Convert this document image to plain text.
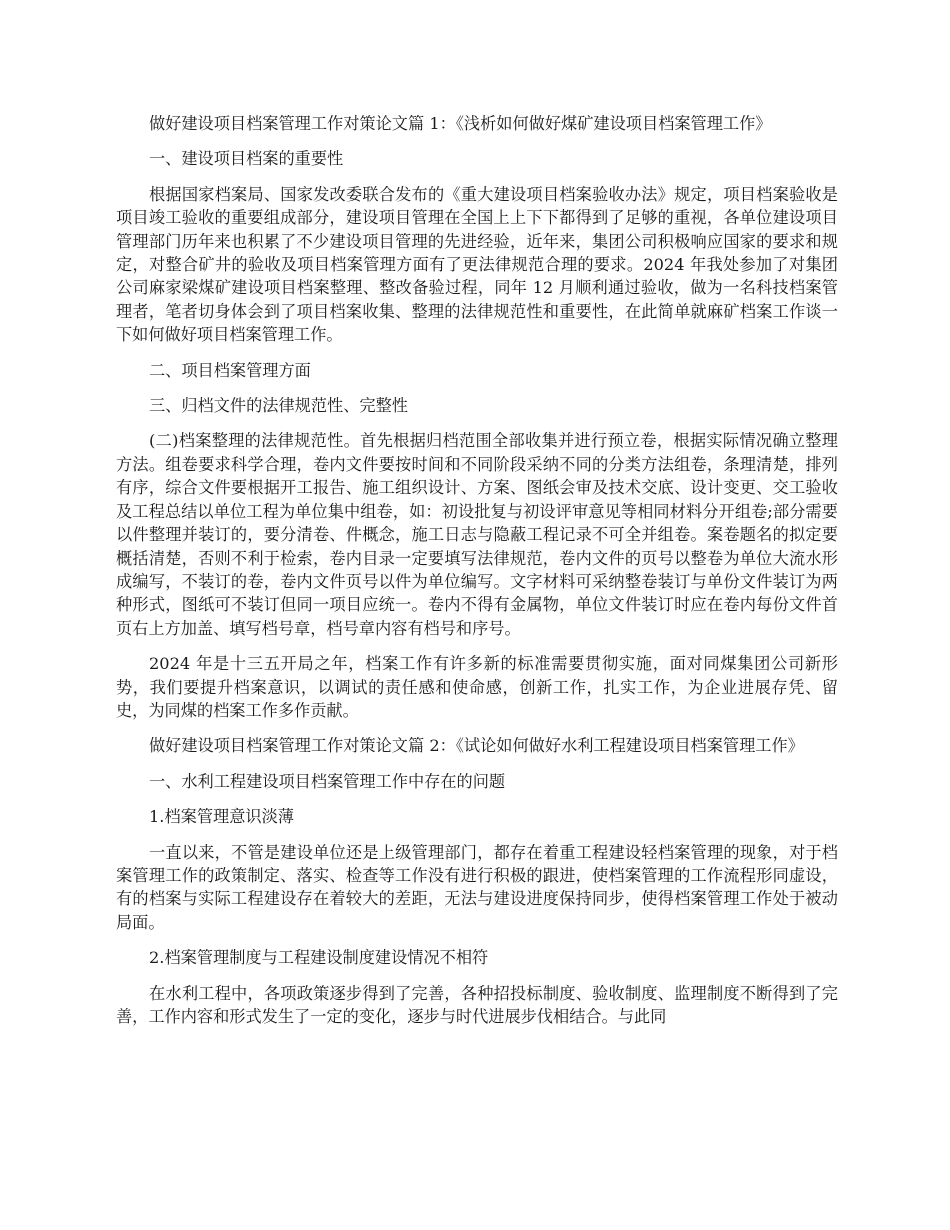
做好建设项目档案管理工作对策论文篇 1：《浅析如何做好煤矿建设项目档案管理工作》

一、建设项目档案的重要性

根据国家档案局、国家发改委联合发布的《重大建设项目档案验收办法》规定，项目档案验收是项目竣工验收的重要组成部分，建设项目管理在全国上上下下都得到了足够的重视，各单位建设项目管理部门历年来也积累了不少建设项目管理的先进经验，近年来，集团公司积极响应国家的要求和规定，对整合矿井的验收及项目档案管理方面有了更法律规范合理的要求。2024 年我处参加了对集团公司麻家梁煤矿建设项目档案整理、整改备验过程，同年 12 月顺利通过验收，做为一名科技档案管理者，笔者切身体会到了项目档案收集、整理的法律规范性和重要性，在此简单就麻矿档案工作谈一下如何做好项目档案管理工作。

二、项目档案管理方面

三、归档文件的法律规范性、完整性

(二)档案整理的法律规范性。首先根据归档范围全部收集并进行预立卷，根据实际情况确立整理方法。组卷要求科学合理，卷内文件要按时间和不同阶段采纳不同的分类方法组卷，条理清楚，排列有序，综合文件要根据开工报告、施工组织设计、方案、图纸会审及技术交底、设计变更、交工验收及工程总结以单位工程为单位集中组卷，如：初设批复与初设评审意见等相同材料分开组卷;部分需要以件整理并装订的，要分清卷、件概念，施工日志与隐蔽工程记录不可全并组卷。案卷题名的拟定要概括清楚，否则不利于检索，卷内目录一定要填写法律规范，卷内文件的页号以整卷为单位大流水形成编写，不装订的卷，卷内文件页号以件为单位编写。文字材料可采纳整卷装订与单份文件装订为两种形式，图纸可不装订但同一项目应统一。卷内不得有金属物，单位文件装订时应在卷内每份文件首页右上方加盖、填写档号章，档号章内容有档号和序号。

2024 年是十三五开局之年，档案工作有许多新的标准需要贯彻实施，面对同煤集团公司新形势，我们要提升档案意识，以调试的责任感和使命感，创新工作，扎实工作，为企业进展存凭、留史，为同煤的档案工作多作贡献。

做好建设项目档案管理工作对策论文篇 2：《试论如何做好水利工程建设项目档案管理工作》

一、水利工程建设项目档案管理工作中存在的问题

1.档案管理意识淡薄

一直以来，不管是建设单位还是上级管理部门，都存在着重工程建设轻档案管理的现象，对于档案管理工作的政策制定、落实、检查等工作没有进行积极的跟进，使档案管理的工作流程形同虚设，有的档案与实际工程建设存在着较大的差距，无法与建设进度保持同步，使得档案管理工作处于被动局面。

2.档案管理制度与工程建设制度建设情况不相符

在水利工程中，各项政策逐步得到了完善，各种招投标制度、验收制度、监理制度不断得到了完善，工作内容和形式发生了一定的变化，逐步与时代进展步伐相结合。与此同
